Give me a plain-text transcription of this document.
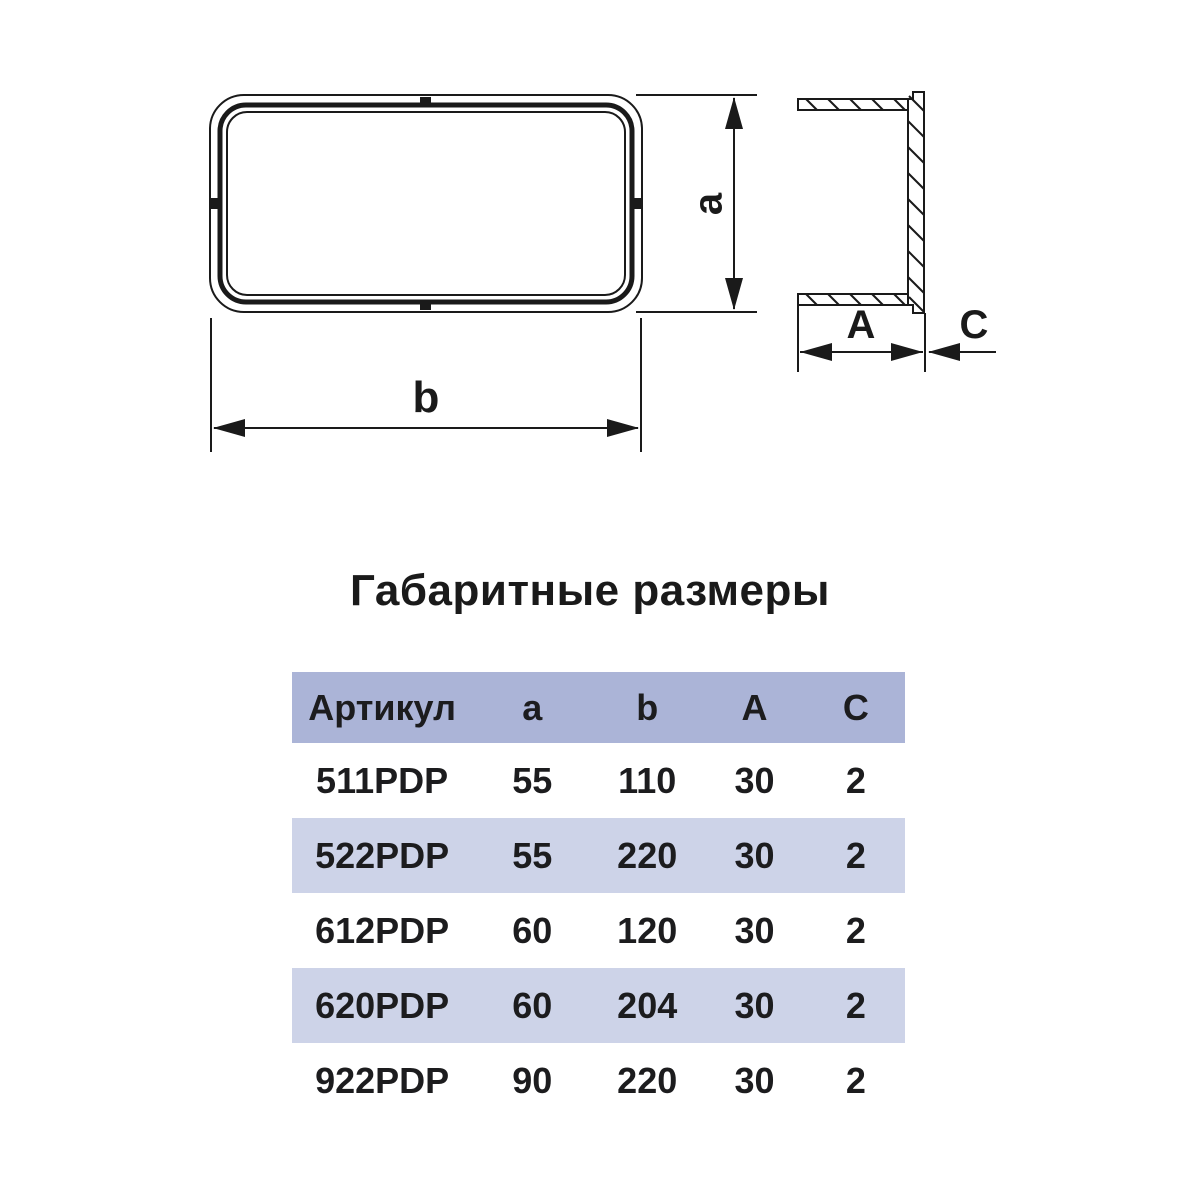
a
b
A C
Габаритные размеры
Артикул	a	b	A	C
511PDP	55	110	30	2
522PDP	55	220	30	2
612PDP	60	120	30	2
620PDP	60	204	30	2
922PDP	90	220	30	2
